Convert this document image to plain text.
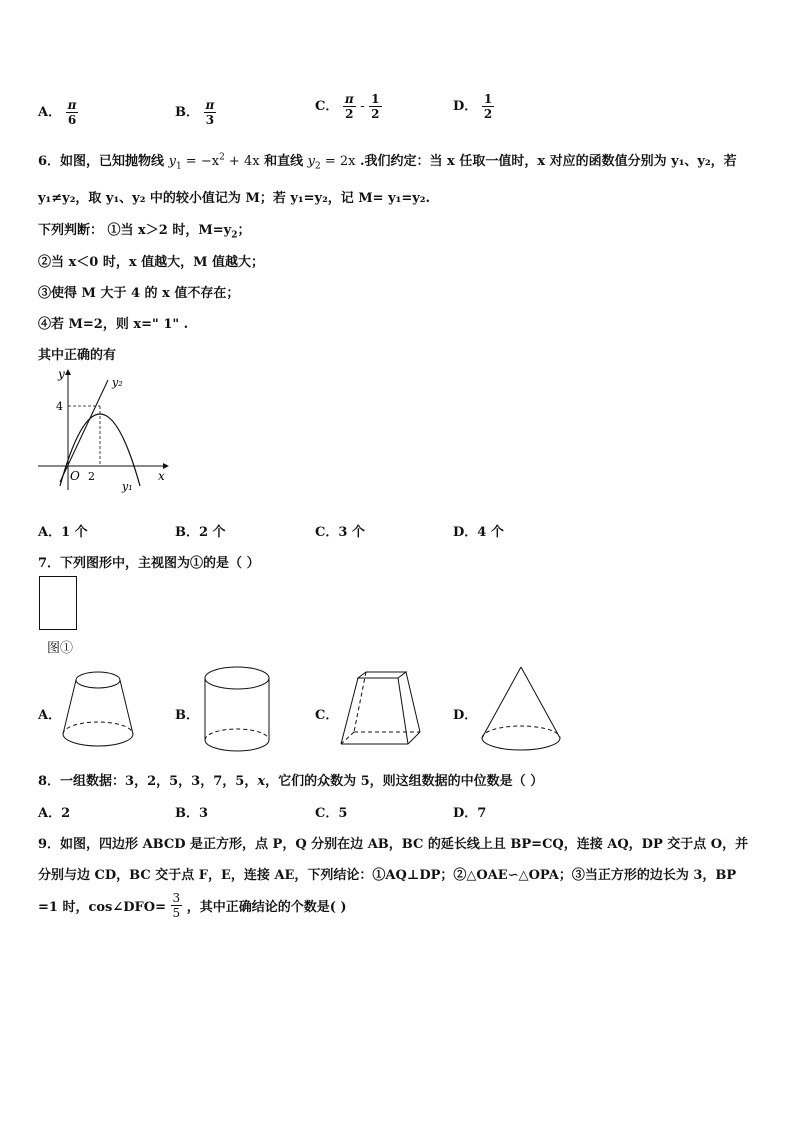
A． $\frac{\pi}{6}$	B． $\frac{\pi}{3}$	C． $\frac{\pi}{2} - \frac{1}{2}$	D． $\frac{1}{2}$
6．如图，已知抛物线 $y_1 = -x^2 + 4x$ 和直线 $y_2 = 2x$ .我们约定：当 x 任取一值时，x 对应的函数值分别为 y₁、y₂，若
y₁≠y₂，取 y₁、y₂ 中的较小值记为 M；若 y₁=y₂，记 M= y₁=y₂.
下列判断： ①当 x＞2 时，$M=y_2$；
②当 x＜0 时，x 值越大，M 值越大；
③使得 M 大于 4 的 x 值不存在；
④若 M=2，则 x=" 1" .
其中正确的有
y
y₂
4
O 2	x
y₁
A．1 个	B．2 个	C．3 个	D．4 个
7．下列图形中，主视图为①的是（ ）
图①
A．	B．	C．	D．
8．一组数据：3，2，5，3，7，5，x，它们的众数为 5，则这组数据的中位数是（ ）
A．2	B．3	C．5	D．7
9．如图，四边形 ABCD 是正方形，点 P，Q 分别在边 AB，BC 的延长线上且 BP=CQ，连接 AQ，DP 交于点 O，并
分别与边 CD，BC 交于点 F，E，连接 AE，下列结论：①AQ⊥DP；②△OAE∽△OPA；③当正方形的边长为 3，BP
=1 时，cos∠DFO= $\frac{3}{5}$ ，其中正确结论的个数是( )
